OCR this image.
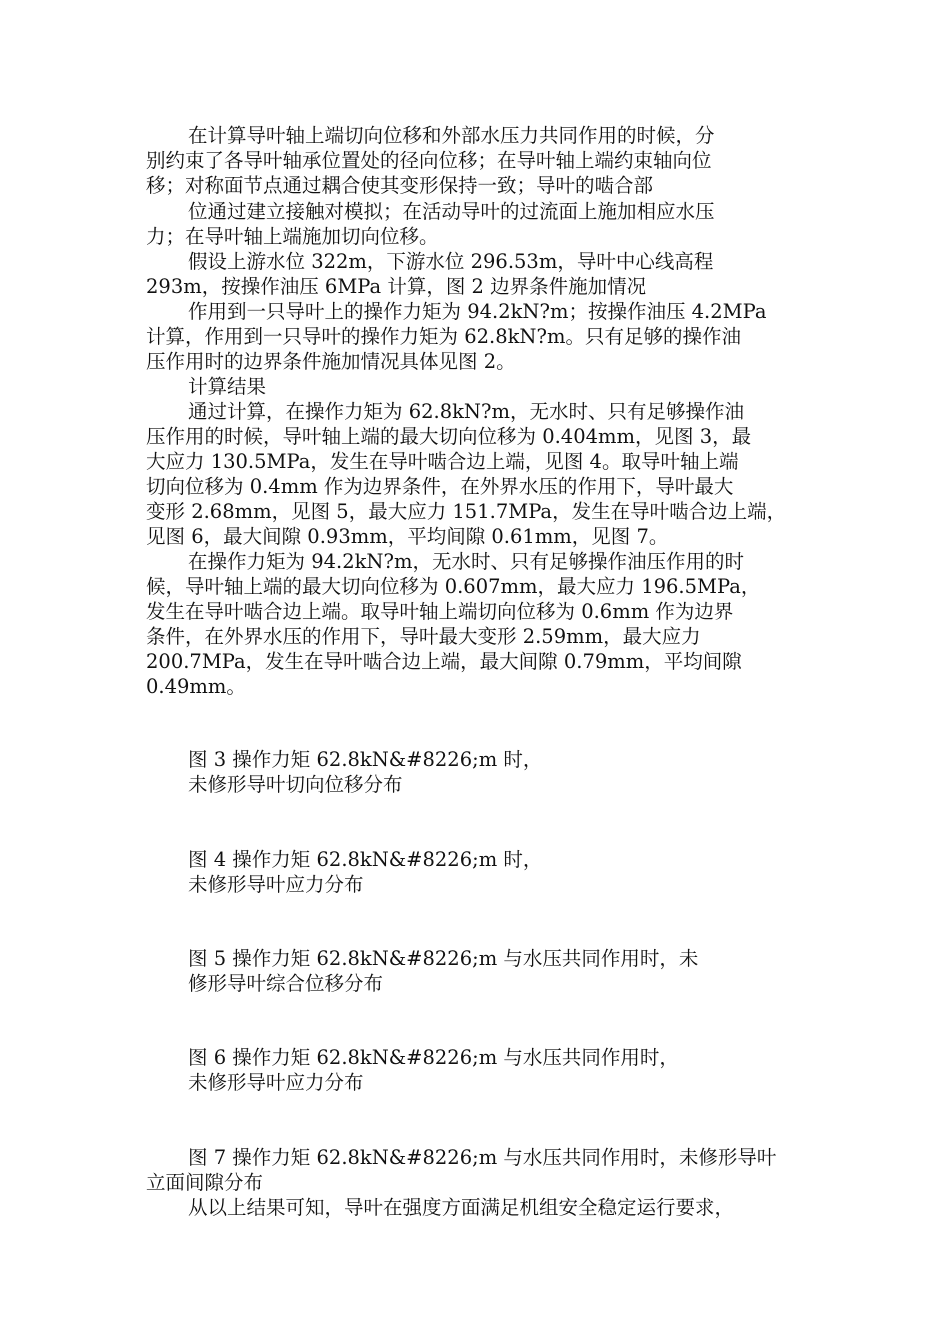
在计算导叶轴上端切向位移和外部水压力共同作用的时候，分
别约束了各导叶轴承位置处的径向位移；在导叶轴上端约束轴向位
移；对称面节点通过耦合使其变形保持一致；导叶的啮合部
位通过建立接触对模拟；在活动导叶的过流面上施加相应水压
力；在导叶轴上端施加切向位移。
假设上游水位 322m，下游水位 296.53m，导叶中心线高程
293m，按操作油压 6MPa 计算，图 2 边界条件施加情况
作用到一只导叶上的操作力矩为 94.2kN?m；按操作油压 4.2MPa
计算，作用到一只导叶的操作力矩为 62.8kN?m。只有足够的操作油
压作用时的边界条件施加情况具体见图 2。
计算结果
通过计算，在操作力矩为 62.8kN?m，无水时、只有足够操作油
压作用的时候，导叶轴上端的最大切向位移为 0.404mm，见图 3，最
大应力 130.5MPa，发生在导叶啮合边上端，见图 4。取导叶轴上端
切向位移为 0.4mm 作为边界条件，在外界水压的作用下，导叶最大
变形 2.68mm，见图 5，最大应力 151.7MPa，发生在导叶啮合边上端，
见图 6，最大间隙 0.93mm，平均间隙 0.61mm，见图 7。
在操作力矩为 94.2kN?m，无水时、只有足够操作油压作用的时
候，导叶轴上端的最大切向位移为 0.607mm，最大应力 196.5MPa，
发生在导叶啮合边上端。取导叶轴上端切向位移为 0.6mm 作为边界
条件，在外界水压的作用下，导叶最大变形 2.59mm，最大应力
200.7MPa，发生在导叶啮合边上端，最大间隙 0.79mm，平均间隙
0.49mm。
图 3 操作力矩 62.8kN&#8226;m 时，
未修形导叶切向位移分布
图 4 操作力矩 62.8kN&#8226;m 时，
未修形导叶应力分布
图 5 操作力矩 62.8kN&#8226;m 与水压共同作用时，未
修形导叶综合位移分布
图 6 操作力矩 62.8kN&#8226;m 与水压共同作用时，
未修形导叶应力分布
图 7 操作力矩 62.8kN&#8226;m 与水压共同作用时，未修形导叶
立面间隙分布
从以上结果可知，导叶在强度方面满足机组安全稳定运行要求，
